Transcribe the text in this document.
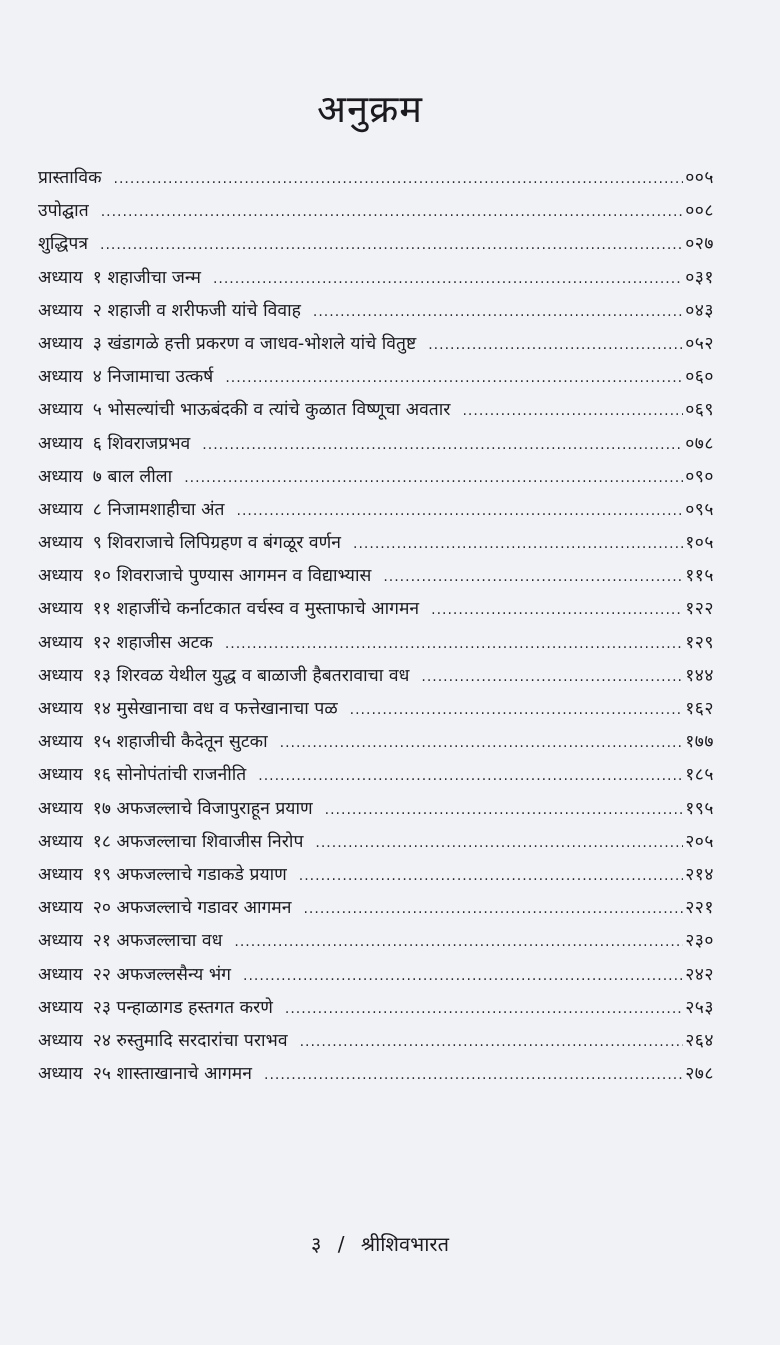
अनुक्रम
प्रास्ताविक .....	००५
उपोद्घात .....	००८
शुद्धिपत्र .....	०२७
अध्याय १ शहाजीचा जन्म .....	०३१
अध्याय २ शहाजी व शरीफजी यांचे विवाह .....	०४३
अध्याय ३ खंडागळे हत्ती प्रकरण व जाधव-भोशले यांचे वितुष्ट .....	०५२
अध्याय ४ निजामाचा उत्कर्ष .....	०६०
अध्याय ५ भोसल्यांची भाऊबंदकी व त्यांचे कुळात विष्णूचा अवतार .....	०६९
अध्याय ६ शिवराजप्रभव .....	०७८
अध्याय ७ बाल लीला .....	०९०
अध्याय ८ निजामशाहीचा अंत .....	०९५
अध्याय ९ शिवराजाचे लिपिग्रहण व बंगळूर वर्णन .....	१०५
अध्याय १० शिवराजाचे पुण्यास आगमन व विद्याभ्यास .....	११५
अध्याय ११ शहाजींचे कर्नाटकात वर्चस्व व मुस्ताफाचे आगमन .....	१२२
अध्याय १२ शहाजीस अटक .....	१२९
अध्याय १३ शिरवळ येथील युद्ध व बाळाजी हैबतरावाचा वध .....	१४४
अध्याय १४ मुसेखानाचा वध व फत्तेखानाचा पळ .....	१६२
अध्याय १५ शहाजीची कैदेतून सुटका .....	१७७
अध्याय १६ सोनोपंतांची राजनीति .....	१८५
अध्याय १७ अफजल्लाचे विजापुराहून प्रयाण .....	१९५
अध्याय १८ अफजल्लाचा शिवाजीस निरोप .....	२०५
अध्याय १९ अफजल्लाचे गडाकडे प्रयाण .....	२१४
अध्याय २० अफजल्लाचे गडावर आगमन .....	२२१
अध्याय २१ अफजल्लाचा वध .....	२३०
अध्याय २२ अफजल्लसैन्य भंग .....	२४२
अध्याय २३ पन्हाळागड हस्तगत करणे .....	२५३
अध्याय २४ रुस्तुमादि सरदारांचा पराभव .....	२६४
अध्याय २५ शास्ताखानाचे आगमन .....	२७८
३ / श्रीशिवभारत
